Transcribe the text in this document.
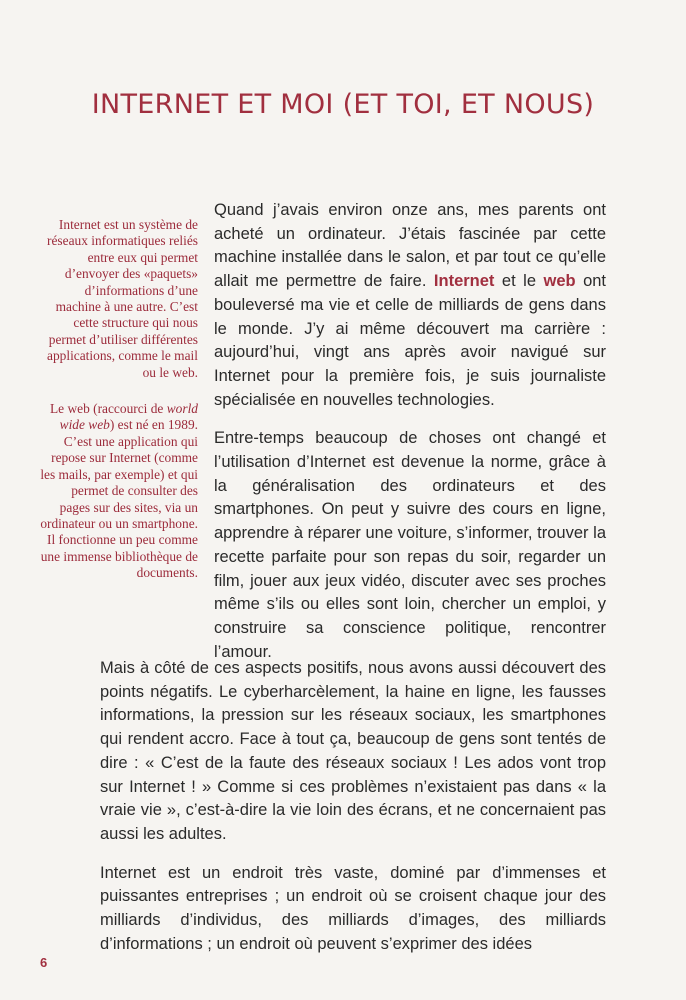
INTERNET ET MOI (ET TOI, ET NOUS)

Internet est un système de réseaux informatiques reliés entre eux qui permet d’envoyer des «paquets» d’informations d’une machine à une autre. C’est cette structure qui nous permet d’utiliser différentes applications, comme le mail ou le web.

Le web (raccourci de world wide web) est né en 1989. C’est une application qui repose sur Internet (comme les mails, par exemple) et qui permet de consulter des pages sur des sites, via un ordinateur ou un smartphone. Il fonctionne un peu comme une immense bibliothèque de documents.

Quand j’avais environ onze ans, mes parents ont acheté un ordinateur. J’étais fascinée par cette machine installée dans le salon, et par tout ce qu’elle allait me permettre de faire. Internet et le web ont bouleversé ma vie et celle de milliards de gens dans le monde. J’y ai même découvert ma carrière : aujourd’hui, vingt ans après avoir navigué sur Internet pour la première fois, je suis journaliste spécialisée en nouvelles technologies.

Entre-temps beaucoup de choses ont changé et l’utilisation d’Internet est devenue la norme, grâce à la généralisation des ordinateurs et des smartphones. On peut y suivre des cours en ligne, apprendre à réparer une voiture, s’informer, trouver la recette parfaite pour son repas du soir, regarder un film, jouer aux jeux vidéo, discuter avec ses proches même s’ils ou elles sont loin, chercher un emploi, y construire sa conscience politique, rencontrer l’amour.

Mais à côté de ces aspects positifs, nous avons aussi découvert des points négatifs. Le cyberharcèlement, la haine en ligne, les fausses informations, la pression sur les réseaux sociaux, les smartphones qui rendent accro. Face à tout ça, beaucoup de gens sont tentés de dire : « C’est de la faute des réseaux sociaux ! Les ados vont trop sur Internet ! » Comme si ces problèmes n’existaient pas dans « la vraie vie », c’est-à-dire la vie loin des écrans, et ne concernaient pas aussi les adultes.

Internet est un endroit très vaste, dominé par d’immenses et puissantes entreprises ; un endroit où se croisent chaque jour des milliards d’individus, des milliards d’images, des milliards d’informations ; un endroit où peuvent s’exprimer des idées

6
